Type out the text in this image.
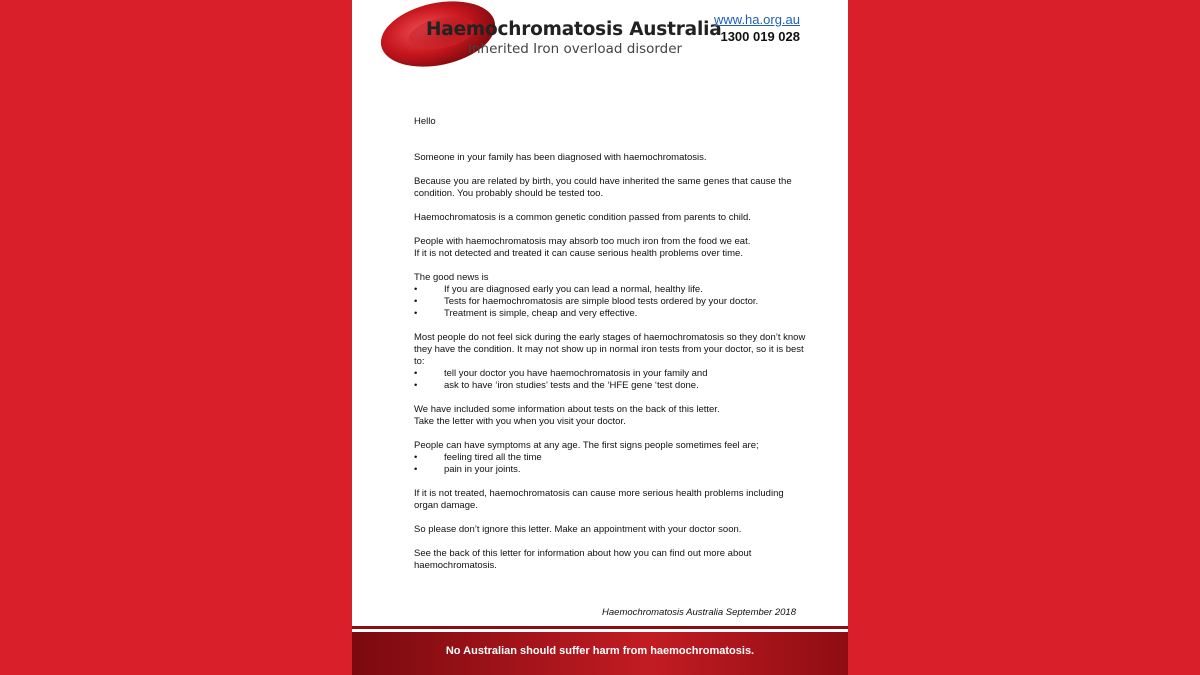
Haemochromatosis Australia
Inherited Iron overload disorder
www.ha.org.au
1300 019 028
Hello
Someone in your family has been diagnosed with haemochromatosis.
Because you are related by birth, you could have inherited the same genes that cause the condition. You probably should be tested too.
Haemochromatosis is a common genetic condition passed from parents to child.
People with haemochromatosis may absorb too much iron from the food we eat.
If it is not detected and treated it can cause serious health problems over time.
The good news is
•	If you are diagnosed early you can lead a normal, healthy life.
•	Tests for haemochromatosis are simple blood tests ordered by your doctor.
•	Treatment is simple, cheap and very effective.
Most people do not feel sick during the early stages of haemochromatosis so they don’t know they have the condition. It may not show up in normal iron tests from your doctor, so it is best to:
•	tell your doctor you have haemochromatosis in your family and
•	ask to have ‘iron studies’ tests and the ‘HFE gene ‘test done.
We have included some information about tests on the back of this letter.
Take the letter with you when you visit your doctor.
People can have symptoms at any age. The first signs people sometimes feel are;
•	feeling tired all the time
•	pain in your joints.
If it is not treated, haemochromatosis can cause more serious health problems including organ damage.
So please don’t ignore this letter. Make an appointment with your doctor soon.
See the back of this letter for information about how you can find out more about haemochromatosis.
Haemochromatosis Australia September 2018
No Australian should suffer harm from haemochromatosis.
